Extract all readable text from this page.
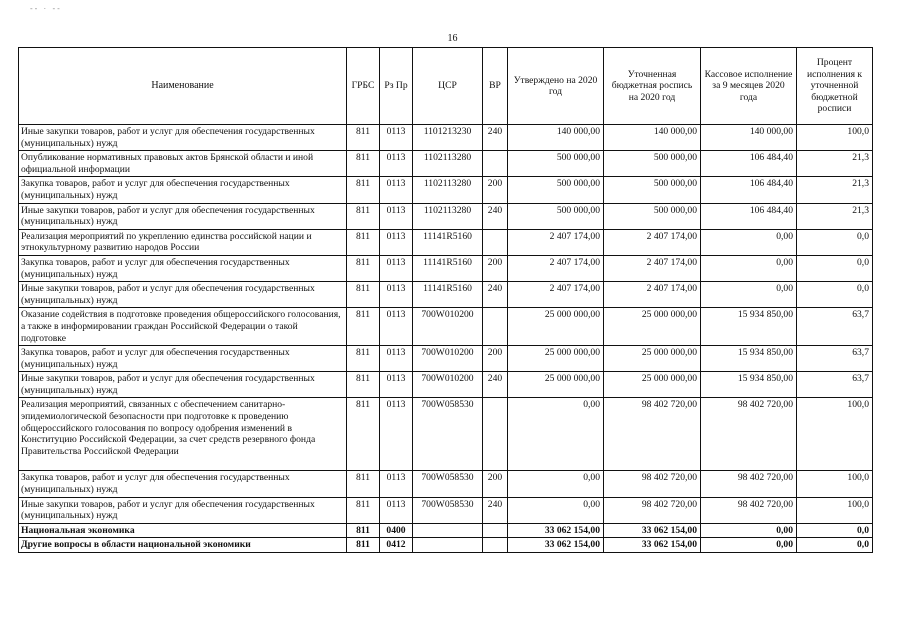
-- · --
16
Наименование	ГРБС	Рз Пр	ЦСР	ВР	Утверждено на 2020 год	Уточненная бюджетная роспись на 2020 год	Кассовое исполнение за 9 месяцев 2020 года	Процент исполнения к уточненной бюджетной росписи
Иные закупки товаров, работ и услуг для обеспечения государственных (муниципальных) нужд	811	0113	1101213230	240	140 000,00	140 000,00	140 000,00	100,0
Опубликование нормативных правовых актов Брянской области и иной официальной информации	811	0113	1102113280		500 000,00	500 000,00	106 484,40	21,3
Закупка товаров, работ и услуг для обеспечения государственных (муниципальных) нужд	811	0113	1102113280	200	500 000,00	500 000,00	106 484,40	21,3
Иные закупки товаров, работ и услуг для обеспечения государственных (муниципальных) нужд	811	0113	1102113280	240	500 000,00	500 000,00	106 484,40	21,3
Реализация мероприятий по укреплению единства российской нации и этнокультурному развитию народов России	811	0113	11141R5160		2 407 174,00	2 407 174,00	0,00	0,0
Закупка товаров, работ и услуг для обеспечения государственных (муниципальных) нужд	811	0113	11141R5160	200	2 407 174,00	2 407 174,00	0,00	0,0
Иные закупки товаров, работ и услуг для обеспечения государственных (муниципальных) нужд	811	0113	11141R5160	240	2 407 174,00	2 407 174,00	0,00	0,0
Оказание содействия в подготовке проведения общероссийского голосования, а также в информировании граждан Российской Федерации о такой подготовке	811	0113	700W010200		25 000 000,00	25 000 000,00	15 934 850,00	63,7
Закупка товаров, работ и услуг для обеспечения государственных (муниципальных) нужд	811	0113	700W010200	200	25 000 000,00	25 000 000,00	15 934 850,00	63,7
Иные закупки товаров, работ и услуг для обеспечения государственных (муниципальных) нужд	811	0113	700W010200	240	25 000 000,00	25 000 000,00	15 934 850,00	63,7
Реализация мероприятий, связанных с обеспечением санитарно-эпидемиологической безопасности при подготовке к проведению общероссийского голосования по вопросу одобрения изменений в Конституцию Российской Федерации, за счет средств резервного фонда Правительства Российской Федерации	811	0113	700W058530		0,00	98 402 720,00	98 402 720,00	100,0
Закупка товаров, работ и услуг для обеспечения государственных (муниципальных) нужд	811	0113	700W058530	200	0,00	98 402 720,00	98 402 720,00	100,0
Иные закупки товаров, работ и услуг для обеспечения государственных (муниципальных) нужд	811	0113	700W058530	240	0,00	98 402 720,00	98 402 720,00	100,0
Национальная экономика	811	0400			33 062 154,00	33 062 154,00	0,00	0,0
Другие вопросы в области национальной экономики	811	0412			33 062 154,00	33 062 154,00	0,00	0,0
